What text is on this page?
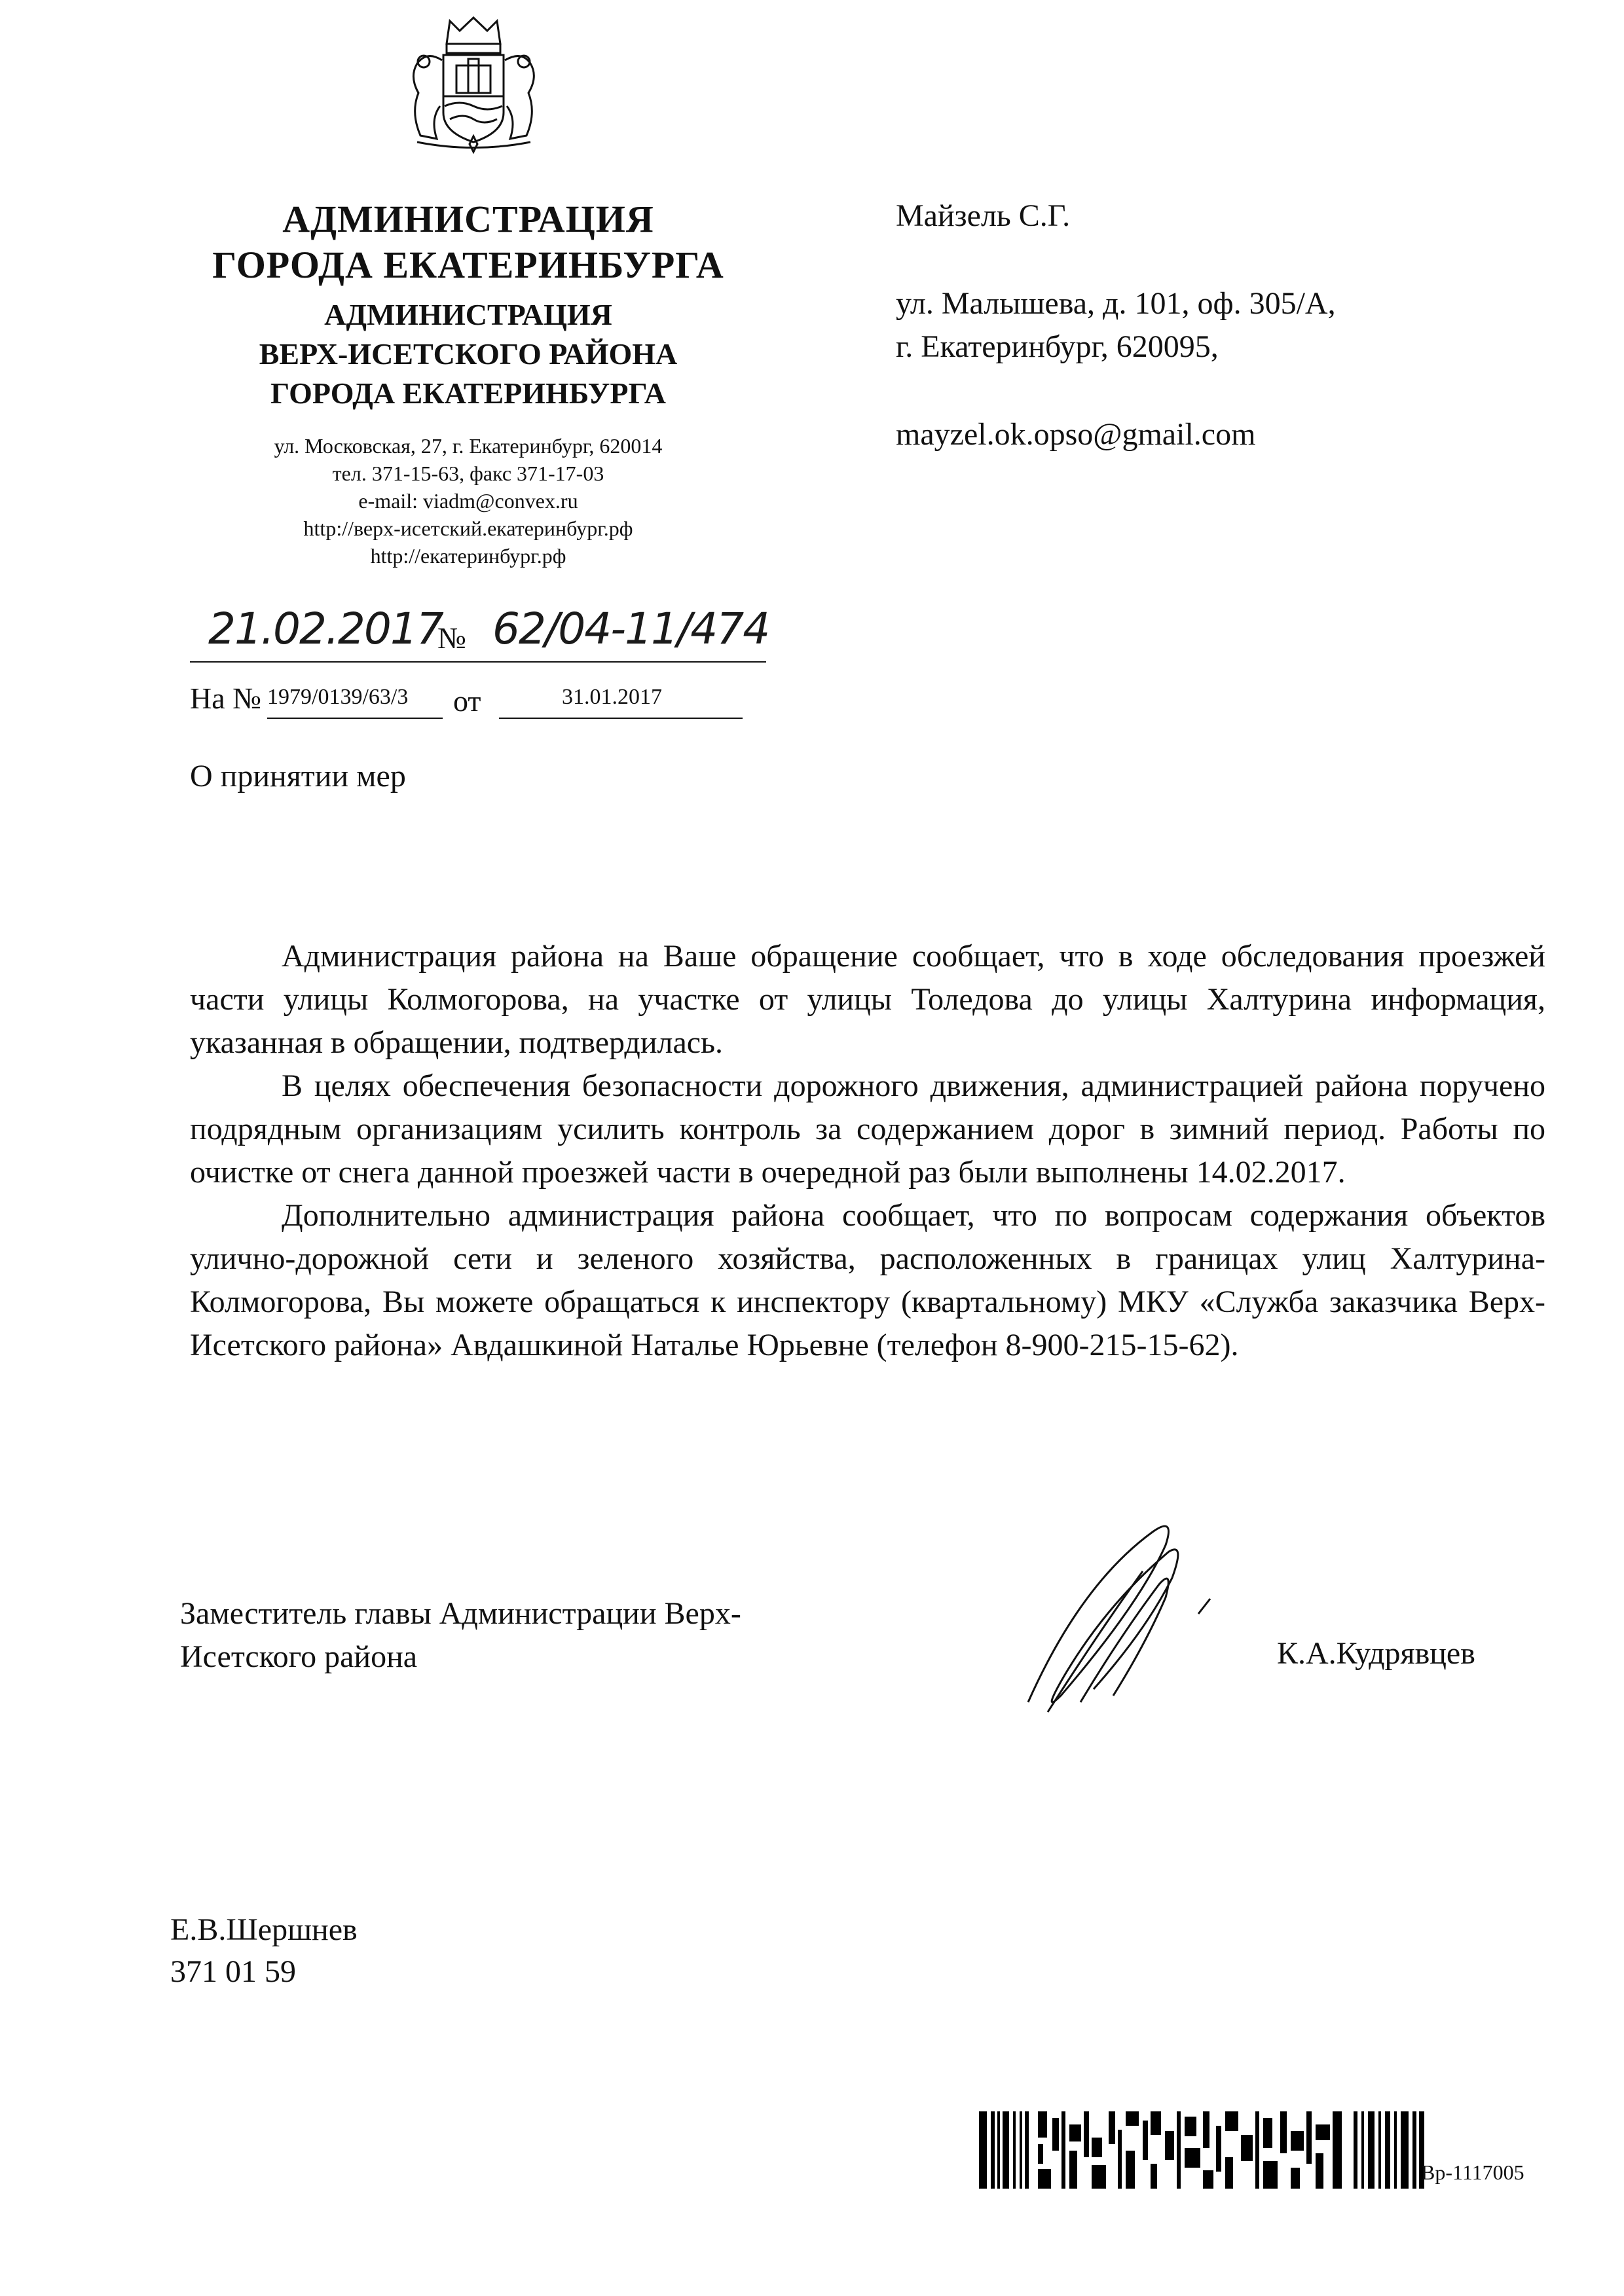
АДМИНИСТРАЦИЯ
ГОРОДА ЕКАТЕРИНБУРГА
АДМИНИСТРАЦИЯ
ВЕРХ-ИСЕТСКОГО РАЙОНА
ГОРОДА ЕКАТЕРИНБУРГА
ул. Московская, 27, г. Екатеринбург, 620014
тел. 371-15-63, факс 371-17-03
e-mail: viadm@convex.ru
http://верх-исетский.екатеринбург.рф
http://екатеринбург.рф
Майзель С.Г.
ул. Малышева, д. 101, оф. 305/А,
г. Екатеринбург, 620095,
mayzel.ok.opso@gmail.com
21.02.2017
№ 62/04-11/474
На № 1979/0139/63/3 от	31.01.2017
О принятии мер

Администрация района на Ваше обращение сообщает, что в ходе обследования проезжей части улицы Колмогорова, на участке от улицы Толедова до улицы Халтурина информация, указанная в обращении, подтвердилась.

В целях обеспечения безопасности дорожного движения, администрацией района поручено подрядным организациям усилить контроль за содержанием дорог в зимний период. Работы по очистке от снега данной проезжей части в очередной раз были выполнены 14.02.2017.

Дополнительно администрация района сообщает, что по вопросам содержания объектов улично-дорожной сети и зеленого хозяйства, расположенных в границах улиц Халтурина-Колмогорова, Вы можете обращаться к инспектору (квартальному) МКУ «Служба заказчика Верх-Исетского района» Авдашкиной Наталье Юрьевне (телефон 8-900-215-15-62).

Заместитель главы Администрации Верх-
Исетского района	К.А.Кудрявцев
Е.В.Шершнев
371 01 59
Вр-1117005
